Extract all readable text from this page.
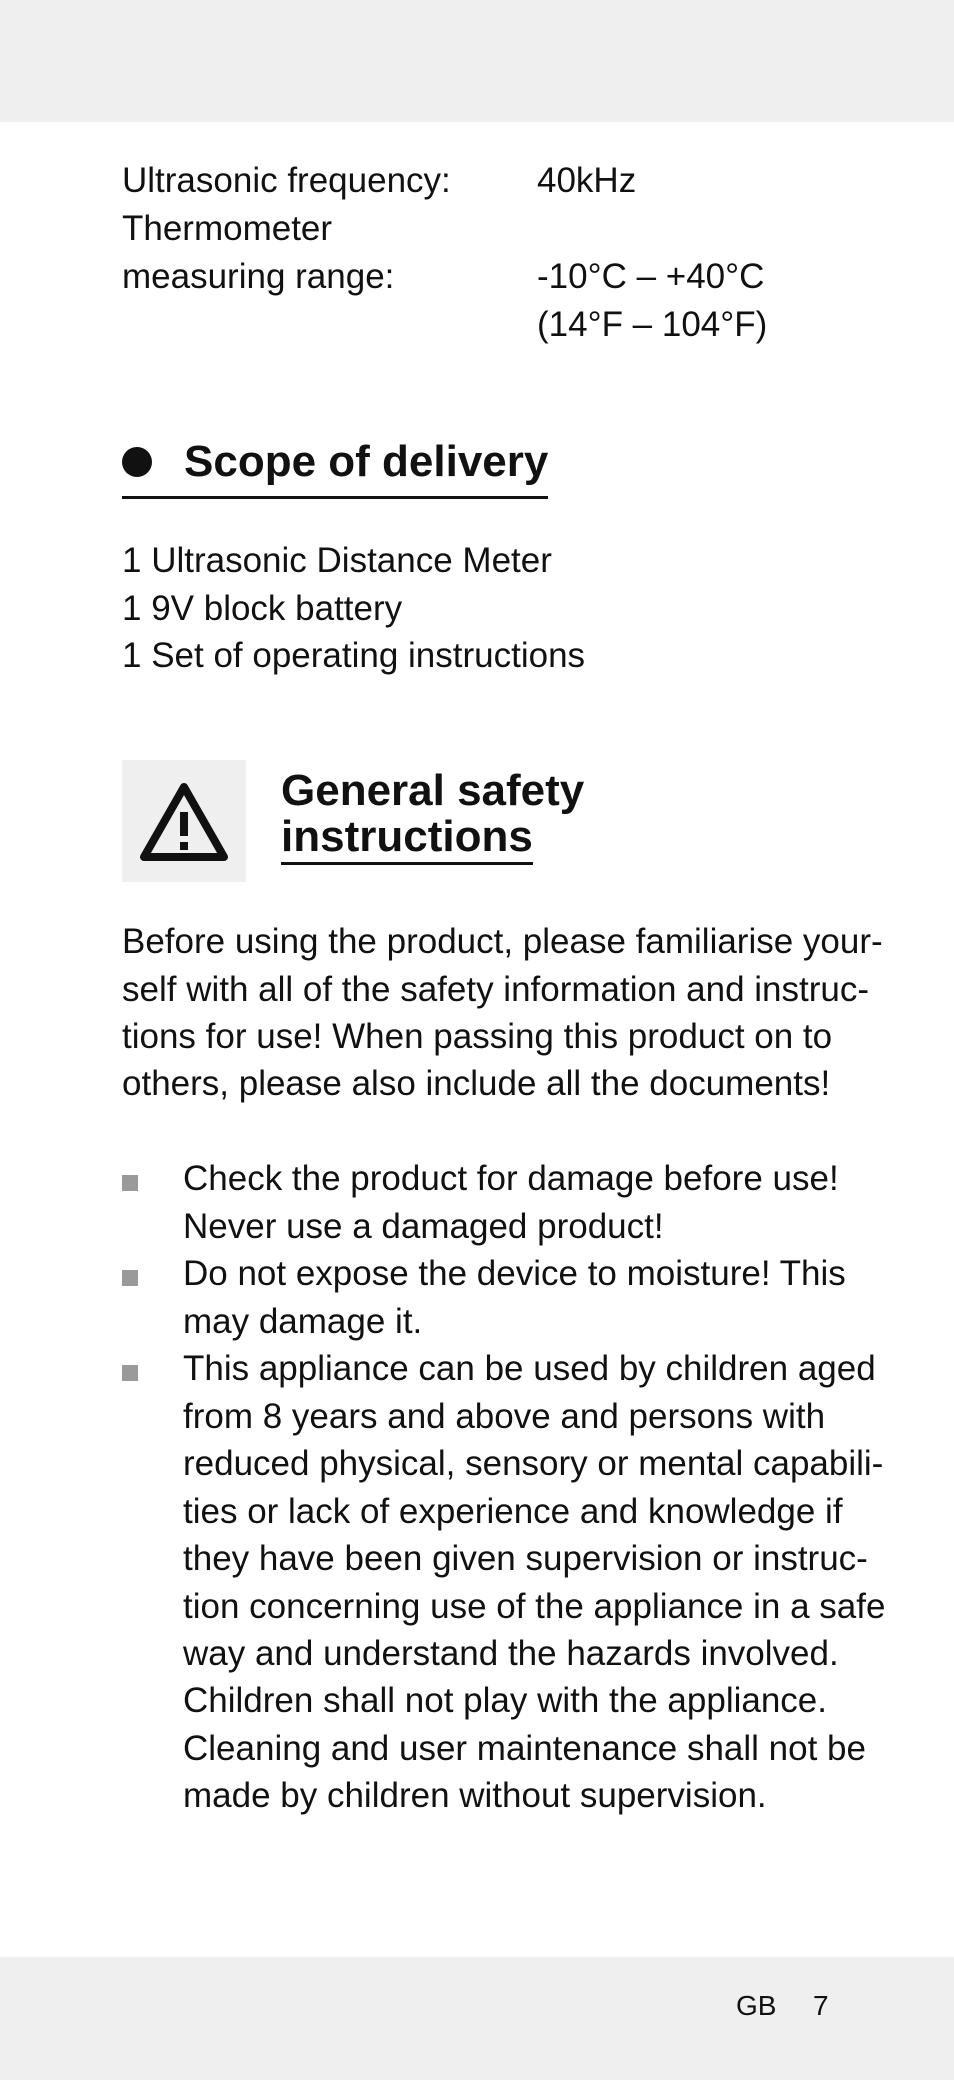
Ultrasonic frequency: 40kHz
Thermometer
measuring range:	-10°C – +40°C
(14°F – 104°F)
Scope of delivery
1 Ultrasonic Distance Meter
1 9V block battery
1 Set of operating instructions
General safety
instructions
Before using the product, please familiarise your-
self with all of the safety information and instruc-
tions for use! When passing this product on to
others, please also include all the documents!
Check the product for damage before use!
Never use a damaged product!
Do not expose the device to moisture! This
may damage it.
This appliance can be used by children aged
from 8 years and above and persons with
reduced physical, sensory or mental capabili-
ties or lack of experience and knowledge if
they have been given supervision or instruc-
tion concerning use of the appliance in a safe
way and understand the hazards involved.
Children shall not play with the appliance.
Cleaning and user maintenance shall not be
made by children without supervision.
GB 7
